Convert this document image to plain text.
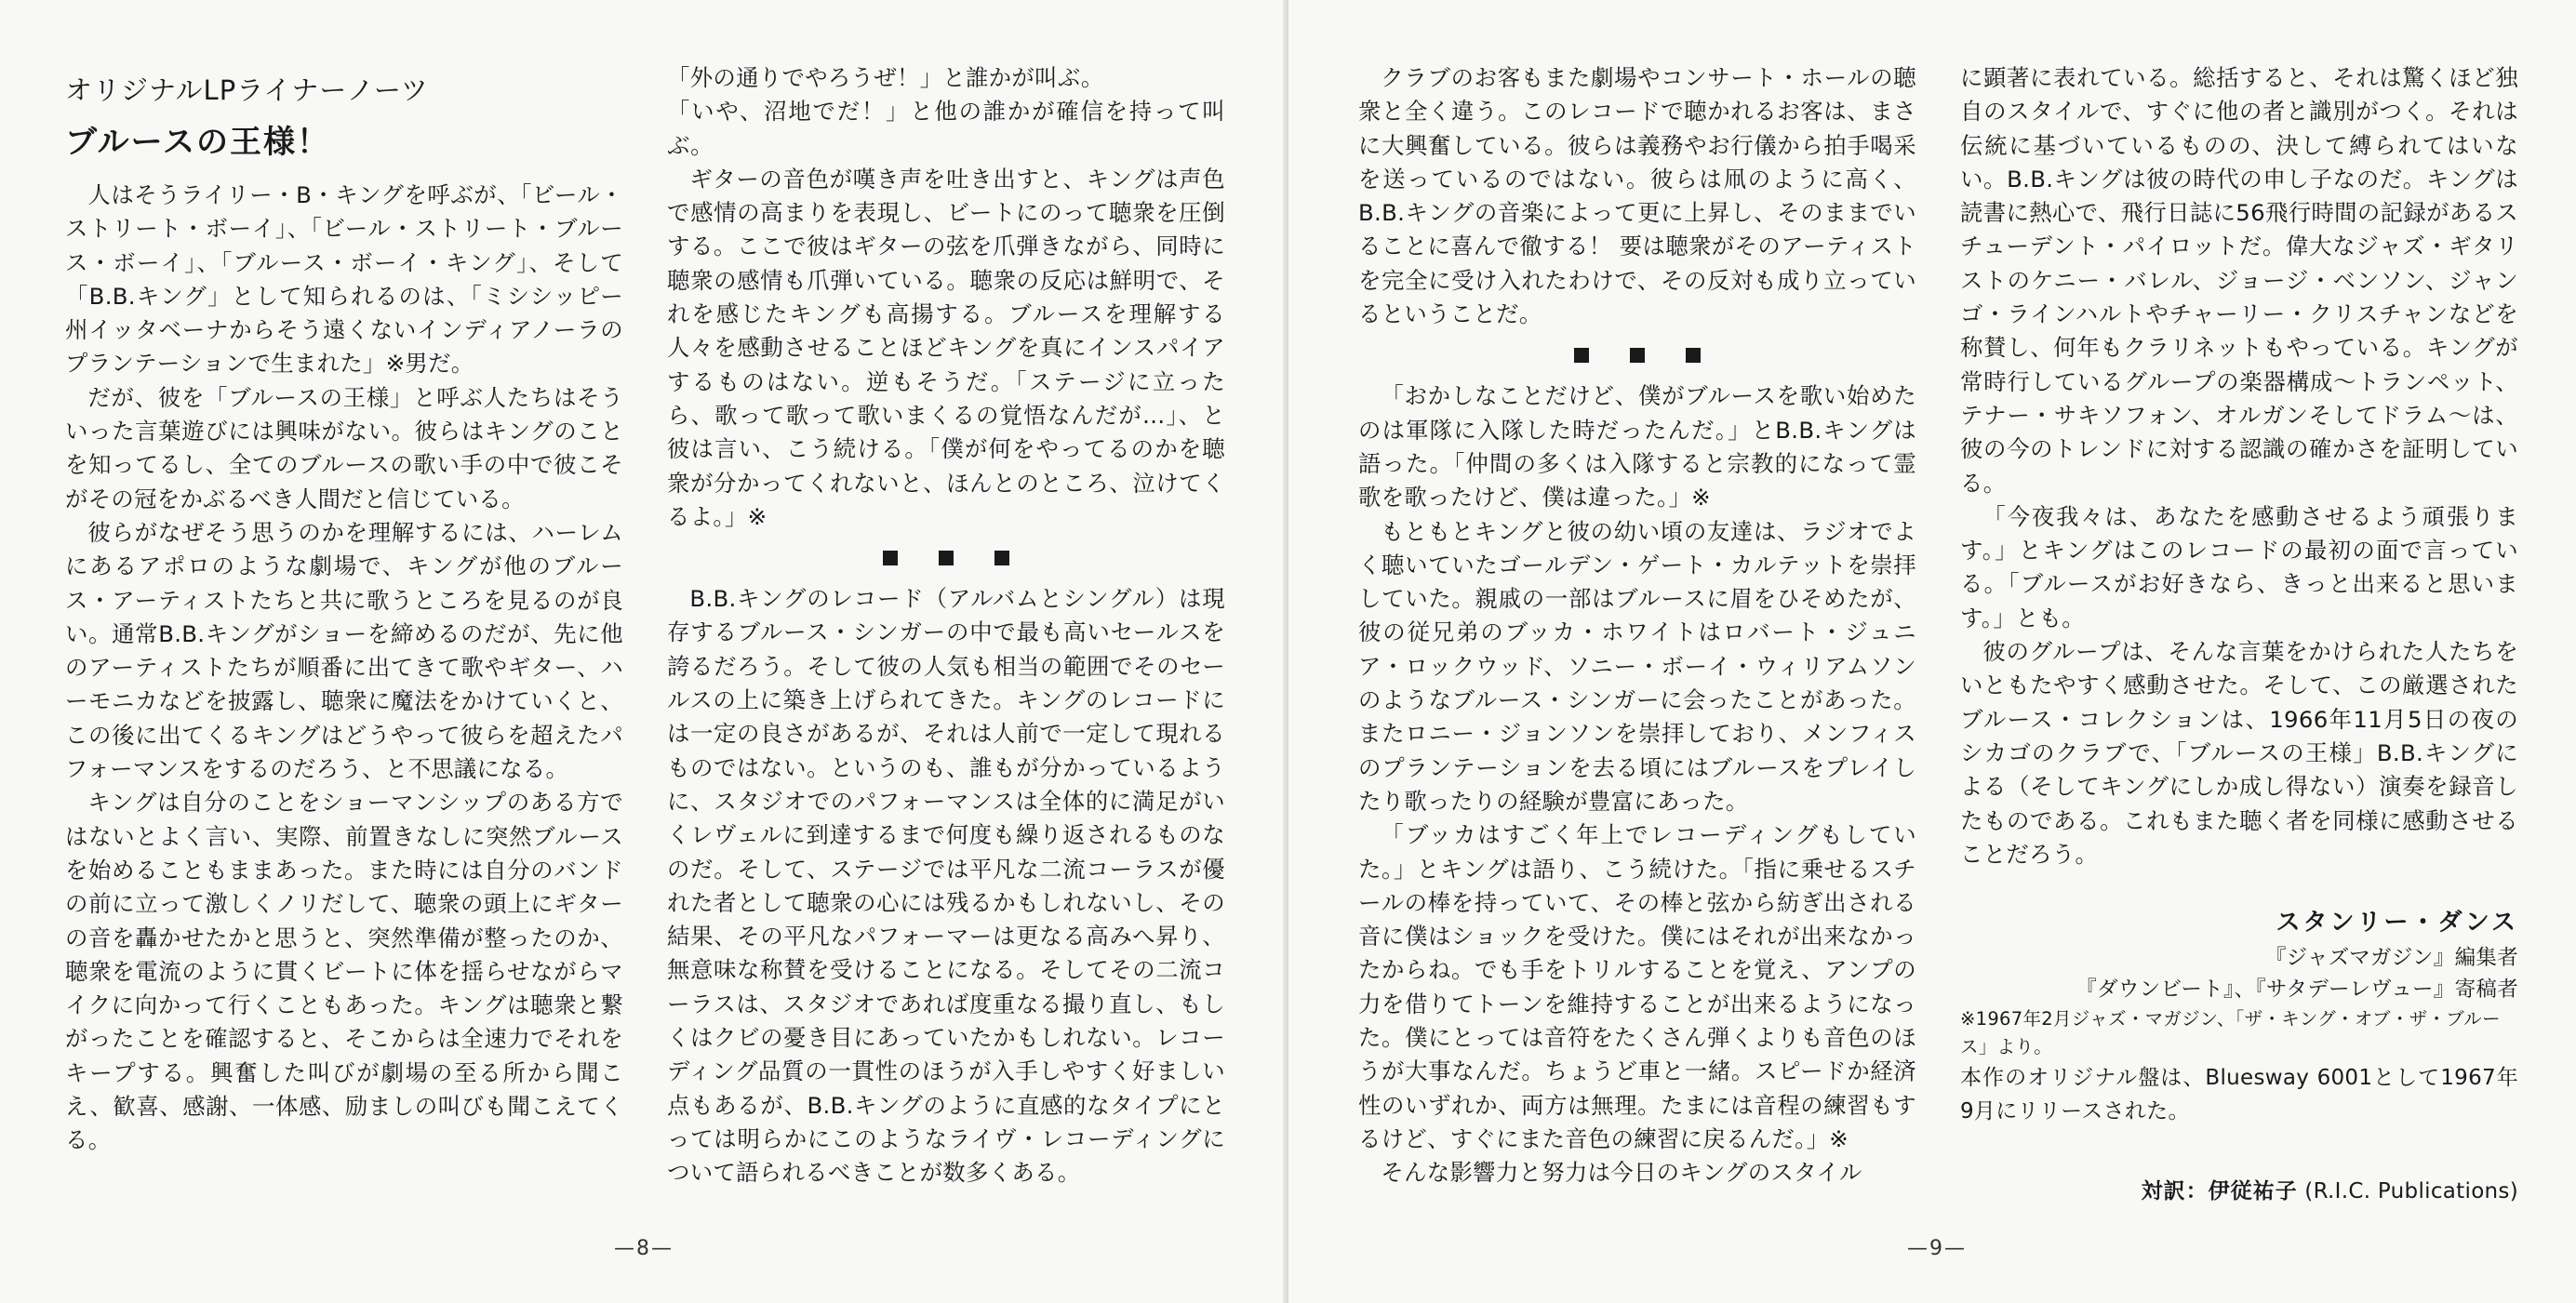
オリジナルLPライナーノーツ
ブルースの王様！

人はそうライリー・B・キングを呼ぶが、「ビール・ストリート・ボーイ」、「ビール・ストリート・ブルース・ボーイ」、「ブルース・ボーイ・キング」、そして「B.B.キング」として知られるのは、「ミシシッピー州イッタベーナからそう遠くないインディアノーラのプランテーションで生まれた」※男だ。

だが、彼を「ブルースの王様」と呼ぶ人たちはそういった言葉遊びには興味がない。彼らはキングのことを知ってるし、全てのブルースの歌い手の中で彼こそがその冠をかぶるべき人間だと信じている。

彼らがなぜそう思うのかを理解するには、ハーレムにあるアポロのような劇場で、キングが他のブルース・アーティストたちと共に歌うところを見るのが良い。通常B.B.キングがショーを締めるのだが、先に他のアーティストたちが順番に出てきて歌やギター、ハーモニカなどを披露し、聴衆に魔法をかけていくと、この後に出てくるキングはどうやって彼らを超えたパフォーマンスをするのだろう、と不思議になる。

キングは自分のことをショーマンシップのある方ではないとよく言い、実際、前置きなしに突然ブルースを始めることもままあった。また時には自分のバンドの前に立って激しくノリだして、聴衆の頭上にギターの音を轟かせたかと思うと、突然準備が整ったのか、聴衆を電流のように貫くビートに体を揺らせながらマイクに向かって行くこともあった。キングは聴衆と繋がったことを確認すると、そこからは全速力でそれをキープする。興奮した叫びが劇場の至る所から聞こえ、歓喜、感謝、一体感、励ましの叫びも聞こえてくる。

「外の通りでやろうぜ！」と誰かが叫ぶ。

「いや、沼地でだ！」と他の誰かが確信を持って叫ぶ。

ギターの音色が嘆き声を吐き出すと、キングは声色で感情の高まりを表現し、ビートにのって聴衆を圧倒する。ここで彼はギターの弦を爪弾きながら、同時に聴衆の感情も爪弾いている。聴衆の反応は鮮明で、それを感じたキングも高揚する。ブルースを理解する人々を感動させることほどキングを真にインスパイアするものはない。逆もそうだ。「ステージに立ったら、歌って歌って歌いまくるの覚悟なんだが…」、と彼は言い、こう続ける。「僕が何をやってるのかを聴衆が分かってくれないと、ほんとのところ、泣けてくるよ。」※

B.B.キングのレコード（アルバムとシングル）は現存するブルース・シンガーの中で最も高いセールスを誇るだろう。そして彼の人気も相当の範囲でそのセールスの上に築き上げられてきた。キングのレコードには一定の良さがあるが、それは人前で一定して現れるものではない。というのも、誰もが分かっているように、スタジオでのパフォーマンスは全体的に満足がいくレヴェルに到達するまで何度も繰り返されるものなのだ。そして、ステージでは平凡な二流コーラスが優れた者として聴衆の心には残るかもしれないし、その結果、その平凡なパフォーマーは更なる高みへ昇り、無意味な称賛を受けることになる。そしてその二流コーラスは、スタジオであれば度重なる撮り直し、もしくはクビの憂き目にあっていたかもしれない。レコーディング品質の一貫性のほうが入手しやすく好ましい点もあるが、B.B.キングのように直感的なタイプにとっては明らかにこのようなライヴ・レコーディングについて語られるべきことが数多くある。

—8—

クラブのお客もまた劇場やコンサート・ホールの聴衆と全く違う。このレコードで聴かれるお客は、まさに大興奮している。彼らは義務やお行儀から拍手喝采を送っているのではない。彼らは凧のように高く、B.B.キングの音楽によって更に上昇し、そのままでいることに喜んで徹する！ 要は聴衆がそのアーティストを完全に受け入れたわけで、その反対も成り立っているということだ。

「おかしなことだけど、僕がブルースを歌い始めたのは軍隊に入隊した時だったんだ。」とB.B.キングは語った。「仲間の多くは入隊すると宗教的になって霊歌を歌ったけど、僕は違った。」※

もともとキングと彼の幼い頃の友達は、ラジオでよく聴いていたゴールデン・ゲート・カルテットを崇拝していた。親戚の一部はブルースに眉をひそめたが、彼の従兄弟のブッカ・ホワイトはロバート・ジュニア・ロックウッド、ソニー・ボーイ・ウィリアムソンのようなブルース・シンガーに会ったことがあった。またロニー・ジョンソンを崇拝しており、メンフィスのプランテーションを去る頃にはブルースをプレイしたり歌ったりの経験が豊富にあった。

「ブッカはすごく年上でレコーディングもしていた。」とキングは語り、こう続けた。「指に乗せるスチールの棒を持っていて、その棒と弦から紡ぎ出される音に僕はショックを受けた。僕にはそれが出来なかったからね。でも手をトリルすることを覚え、アンプの力を借りてトーンを維持することが出来るようになった。僕にとっては音符をたくさん弾くよりも音色のほうが大事なんだ。ちょうど車と一緒。スピードか経済性のいずれか、両方は無理。たまには音程の練習もするけど、すぐにまた音色の練習に戻るんだ。」※

そんな影響力と努力は今日のキングのスタイル

に顕著に表れている。総括すると、それは驚くほど独自のスタイルで、すぐに他の者と識別がつく。それは伝統に基づいているものの、決して縛られてはいない。B.B.キングは彼の時代の申し子なのだ。キングは読書に熱心で、飛行日誌に56飛行時間の記録があるスチューデント・パイロットだ。偉大なジャズ・ギタリストのケニー・バレル、ジョージ・ベンソン、ジャンゴ・ラインハルトやチャーリー・クリスチャンなどを称賛し、何年もクラリネットもやっている。キングが常時行しているグループの楽器構成～トランペット、テナー・サキソフォン、オルガンそしてドラム～は、彼の今のトレンドに対する認識の確かさを証明している。

「今夜我々は、あなたを感動させるよう頑張ります。」とキングはこのレコードの最初の面で言っている。「ブルースがお好きなら、きっと出来ると思います。」とも。

彼のグループは、そんな言葉をかけられた人たちをいともたやすく感動させた。そして、この厳選されたブルース・コレクションは、1966年11月5日の夜のシカゴのクラブで、「ブルースの王様」B.B.キングによる（そしてキングにしか成し得ない）演奏を録音したものである。これもまた聴く者を同様に感動させることだろう。

スタンリー・ダンス
『ジャズマガジン』編集者
『ダウンビート』、『サタデーレヴュー』寄稿者

※1967年2月ジャズ・マガジン、「ザ・キング・オブ・ザ・ブルース」より。

本作のオリジナル盤は、Bluesway 6001として1967年9月にリリースされた。

対訳：伊従祐子 (R.I.C. Publications)
—9—
